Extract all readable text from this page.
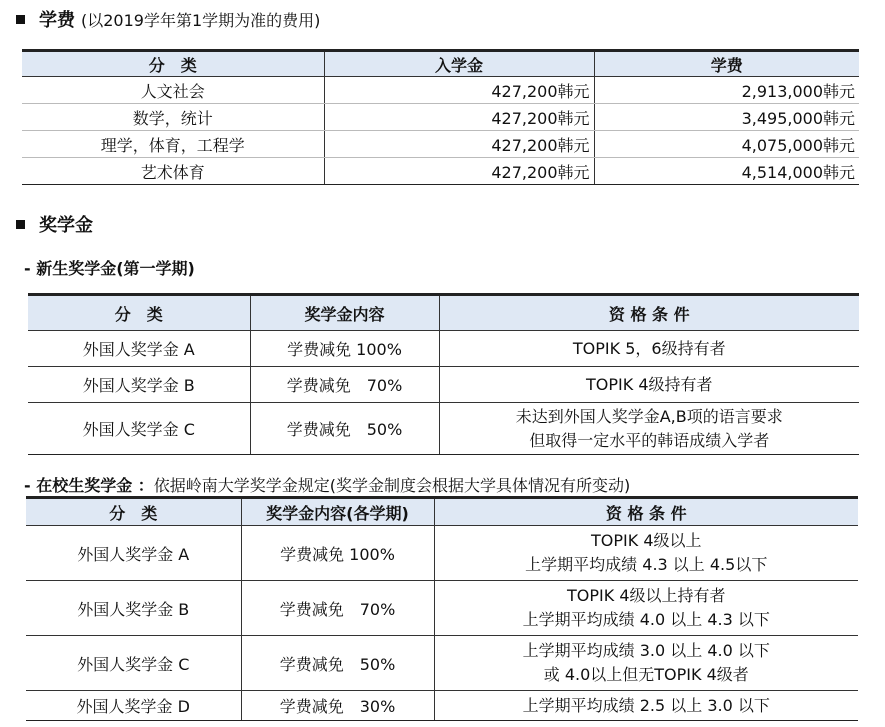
学费 (以2019学年第1学期为准的费用)
分　类	入学金	学费
人文社会	427,200韩元	2,913,000韩元
数学，统计	427,200韩元	3,495,000韩元
理学，体育，工程学	427,200韩元	4,075,000韩元
艺术体育	427,200韩元	4,514,000韩元
奖学金
- 新生奖学金(第一学期)
分　类	奖学金内容	资 格 条 件
外国人奖学金 A	学费减免 100%	TOPIK 5，6级持有者

外国人奖学金 B	学费减免　70%	TOPIK 4级持有者

外国人奖学金 C	学费减免　50%	未达到外国人奖学金A,B项的语言要求
但取得一定水平的韩语成绩入学者
- 在校生奖学金 ：依据岭南大学奖学金规定(奖学金制度会根据大学具体情况有所变动)
分　类	奖学金内容(各学期)	资 格 条 件
外国人奖学金 A	学费减免 100%	TOPIK 4级以上
上学期平均成绩 4.3 以上 4.5以下

外国人奖学金 B	学费减免　70%	TOPIK 4级以上持有者
上学期平均成绩 4.0 以上 4.3 以下

外国人奖学金 C	学费减免　50%	上学期平均成绩 3.0 以上 4.0 以下
或 4.0以上但无TOPIK 4级者

外国人奖学金 D	学费减免　30%	上学期平均成绩 2.5 以上 3.0 以下
